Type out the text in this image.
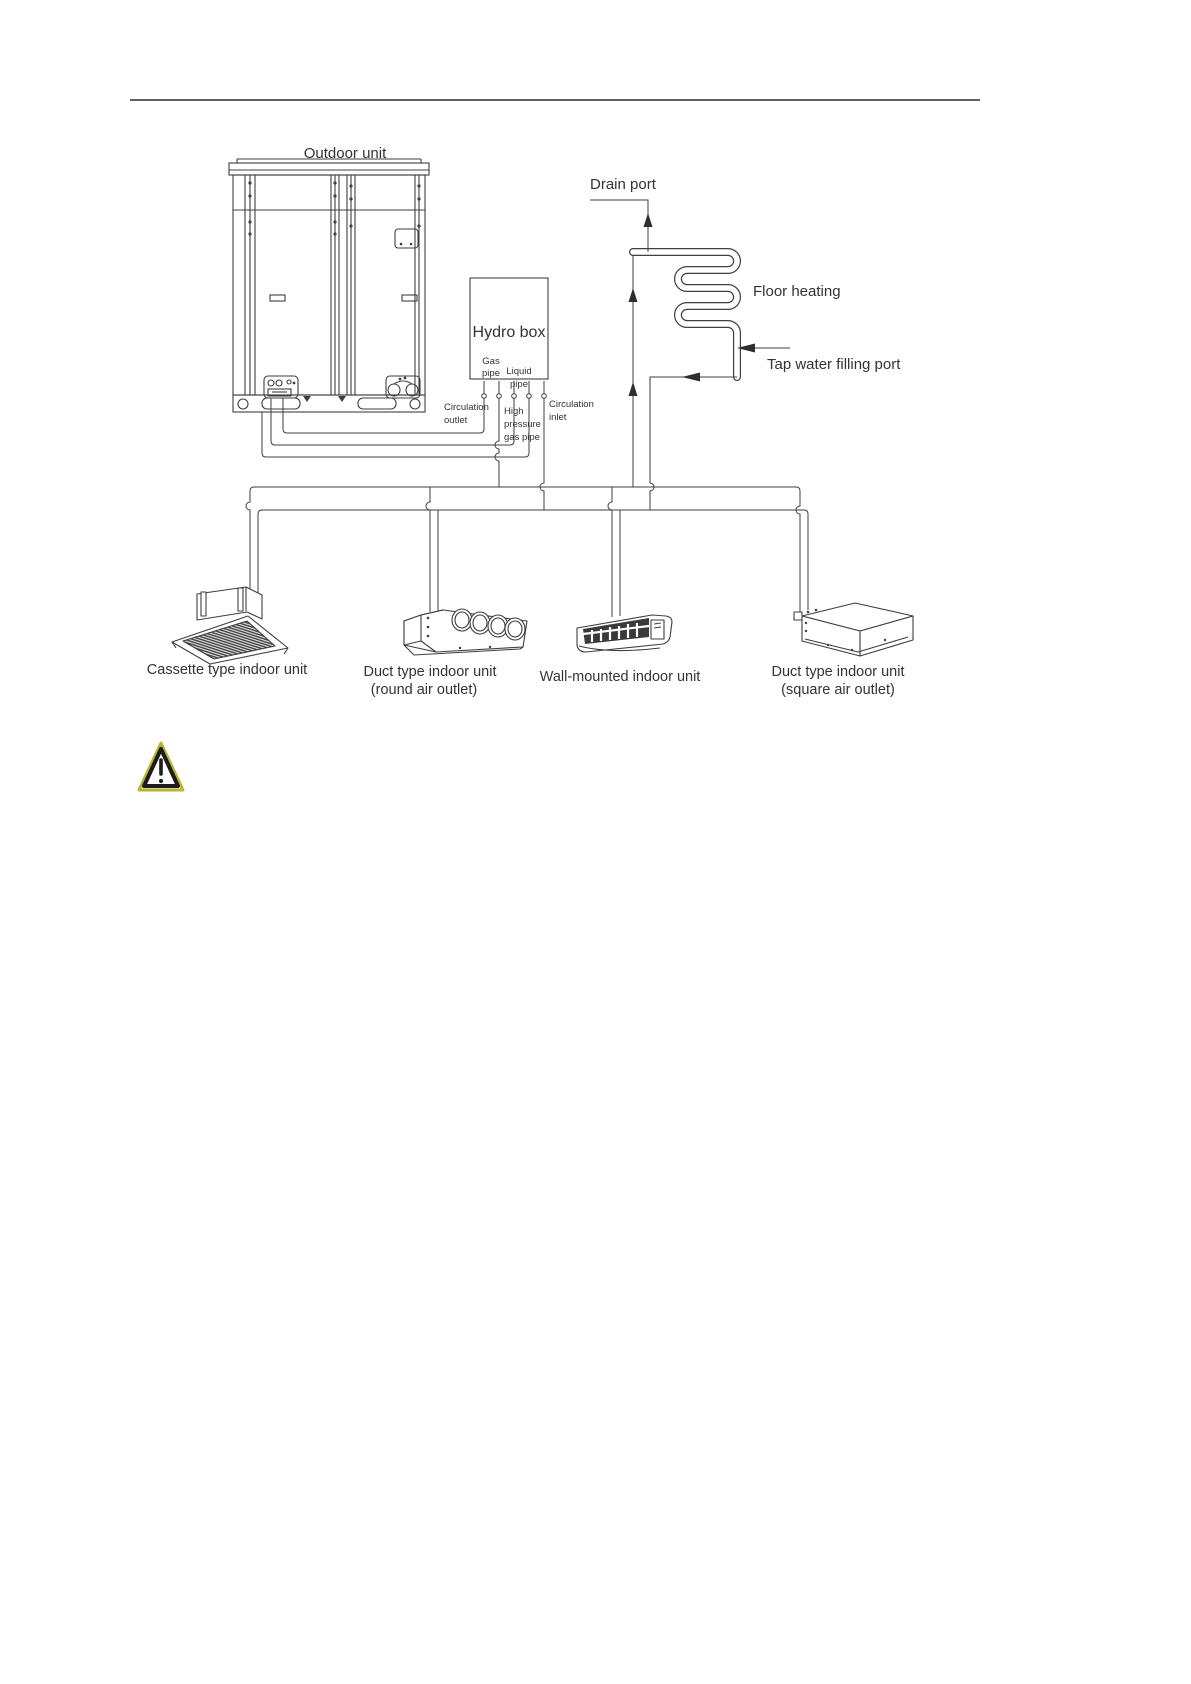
Outdoor unit
Hydro box
Gas
pipe Liquid
pipe
Circulation
outlet
High
pressure
gas pipe
Circulation
inlet
Drain port
Floor heating
Tap water filling port
Cassette type indoor unit	Duct type indoor unit
(round air outlet)
Wall-mounted indoor unit	Duct type indoor unit
(square air outlet)
